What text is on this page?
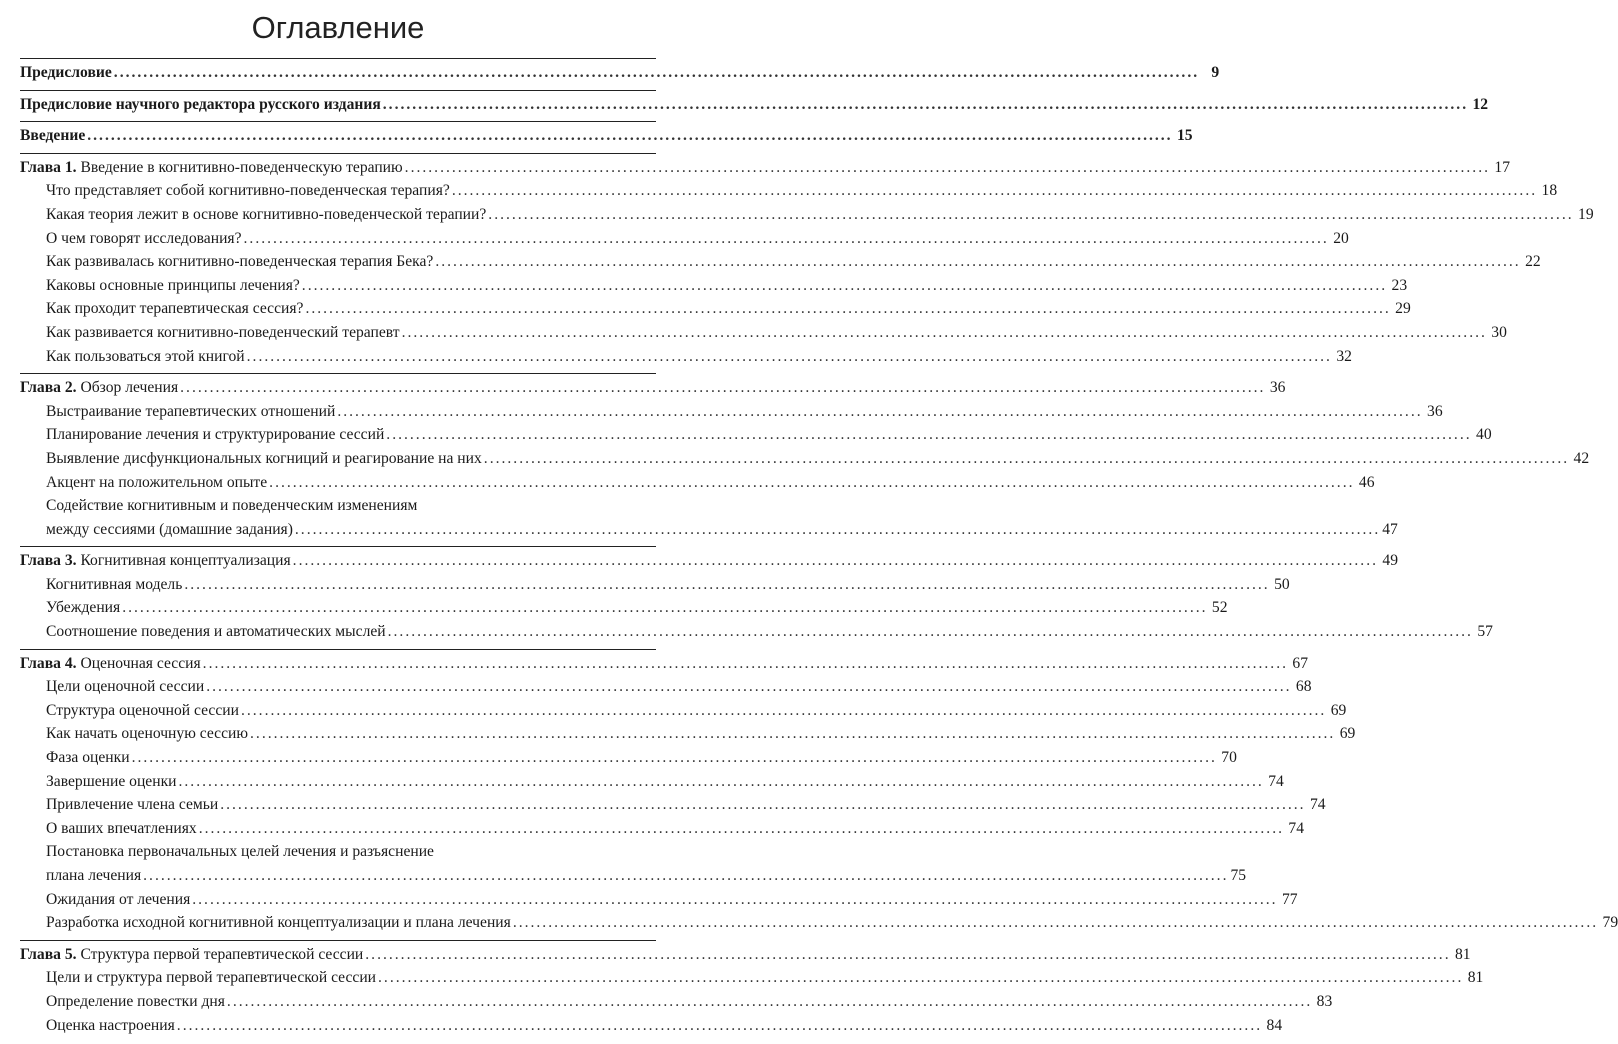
Оглавление
Предисловие .....	9
Предисловие научного редактора русского издания .....	12
Введение .....	15
Глава 1. Введение в когнитивно-поведенческую терапию .....	17
Что представляет собой когнитивно-поведенческая терапия? .....	18
Какая теория лежит в основе когнитивно-поведенческой терапии? .....	19
О чем говорят исследования? .....	20
Как развивалась когнитивно-поведенческая терапия Бека? .....	22
Каковы основные принципы лечения? .....	23
Как проходит терапевтическая сессия? .....	29
Как развивается когнитивно-поведенческий терапевт .....	30
Как пользоваться этой книгой .....	32
Глава 2. Обзор лечения .....	36
Выстраивание терапевтических отношений .....	36
Планирование лечения и структурирование сессий .....	40
Выявление дисфункциональных когниций и реагирование на них .....	42
Акцент на положительном опыте .....	46
Содействие когнитивным и поведенческим изменениям
между сессиями (домашние задания) .....	47
Глава 3. Когнитивная концептуализация .....	49
Когнитивная модель .....	50
Убеждения .....	52
Соотношение поведения и автоматических мыслей .....	57
Глава 4. Оценочная сессия .....	67
Цели оценочной сессии .....	68
Структура оценочной сессии .....	69
Как начать оценочную сессию .....	69
Фаза оценки .....	70
Завершение оценки .....	74
Привлечение члена семьи .....	74
О ваших впечатлениях .....	74
Постановка первоначальных целей лечения и разъяснение
плана лечения .....	75
Ожидания от лечения .....	77
Разработка исходной когнитивной концептуализации и плана лечения .....	79
Глава 5. Структура первой терапевтической сессии .....	81
Цели и структура первой терапевтической сессии .....	81
Определение повестки дня .....	83
Оценка настроения .....	84
